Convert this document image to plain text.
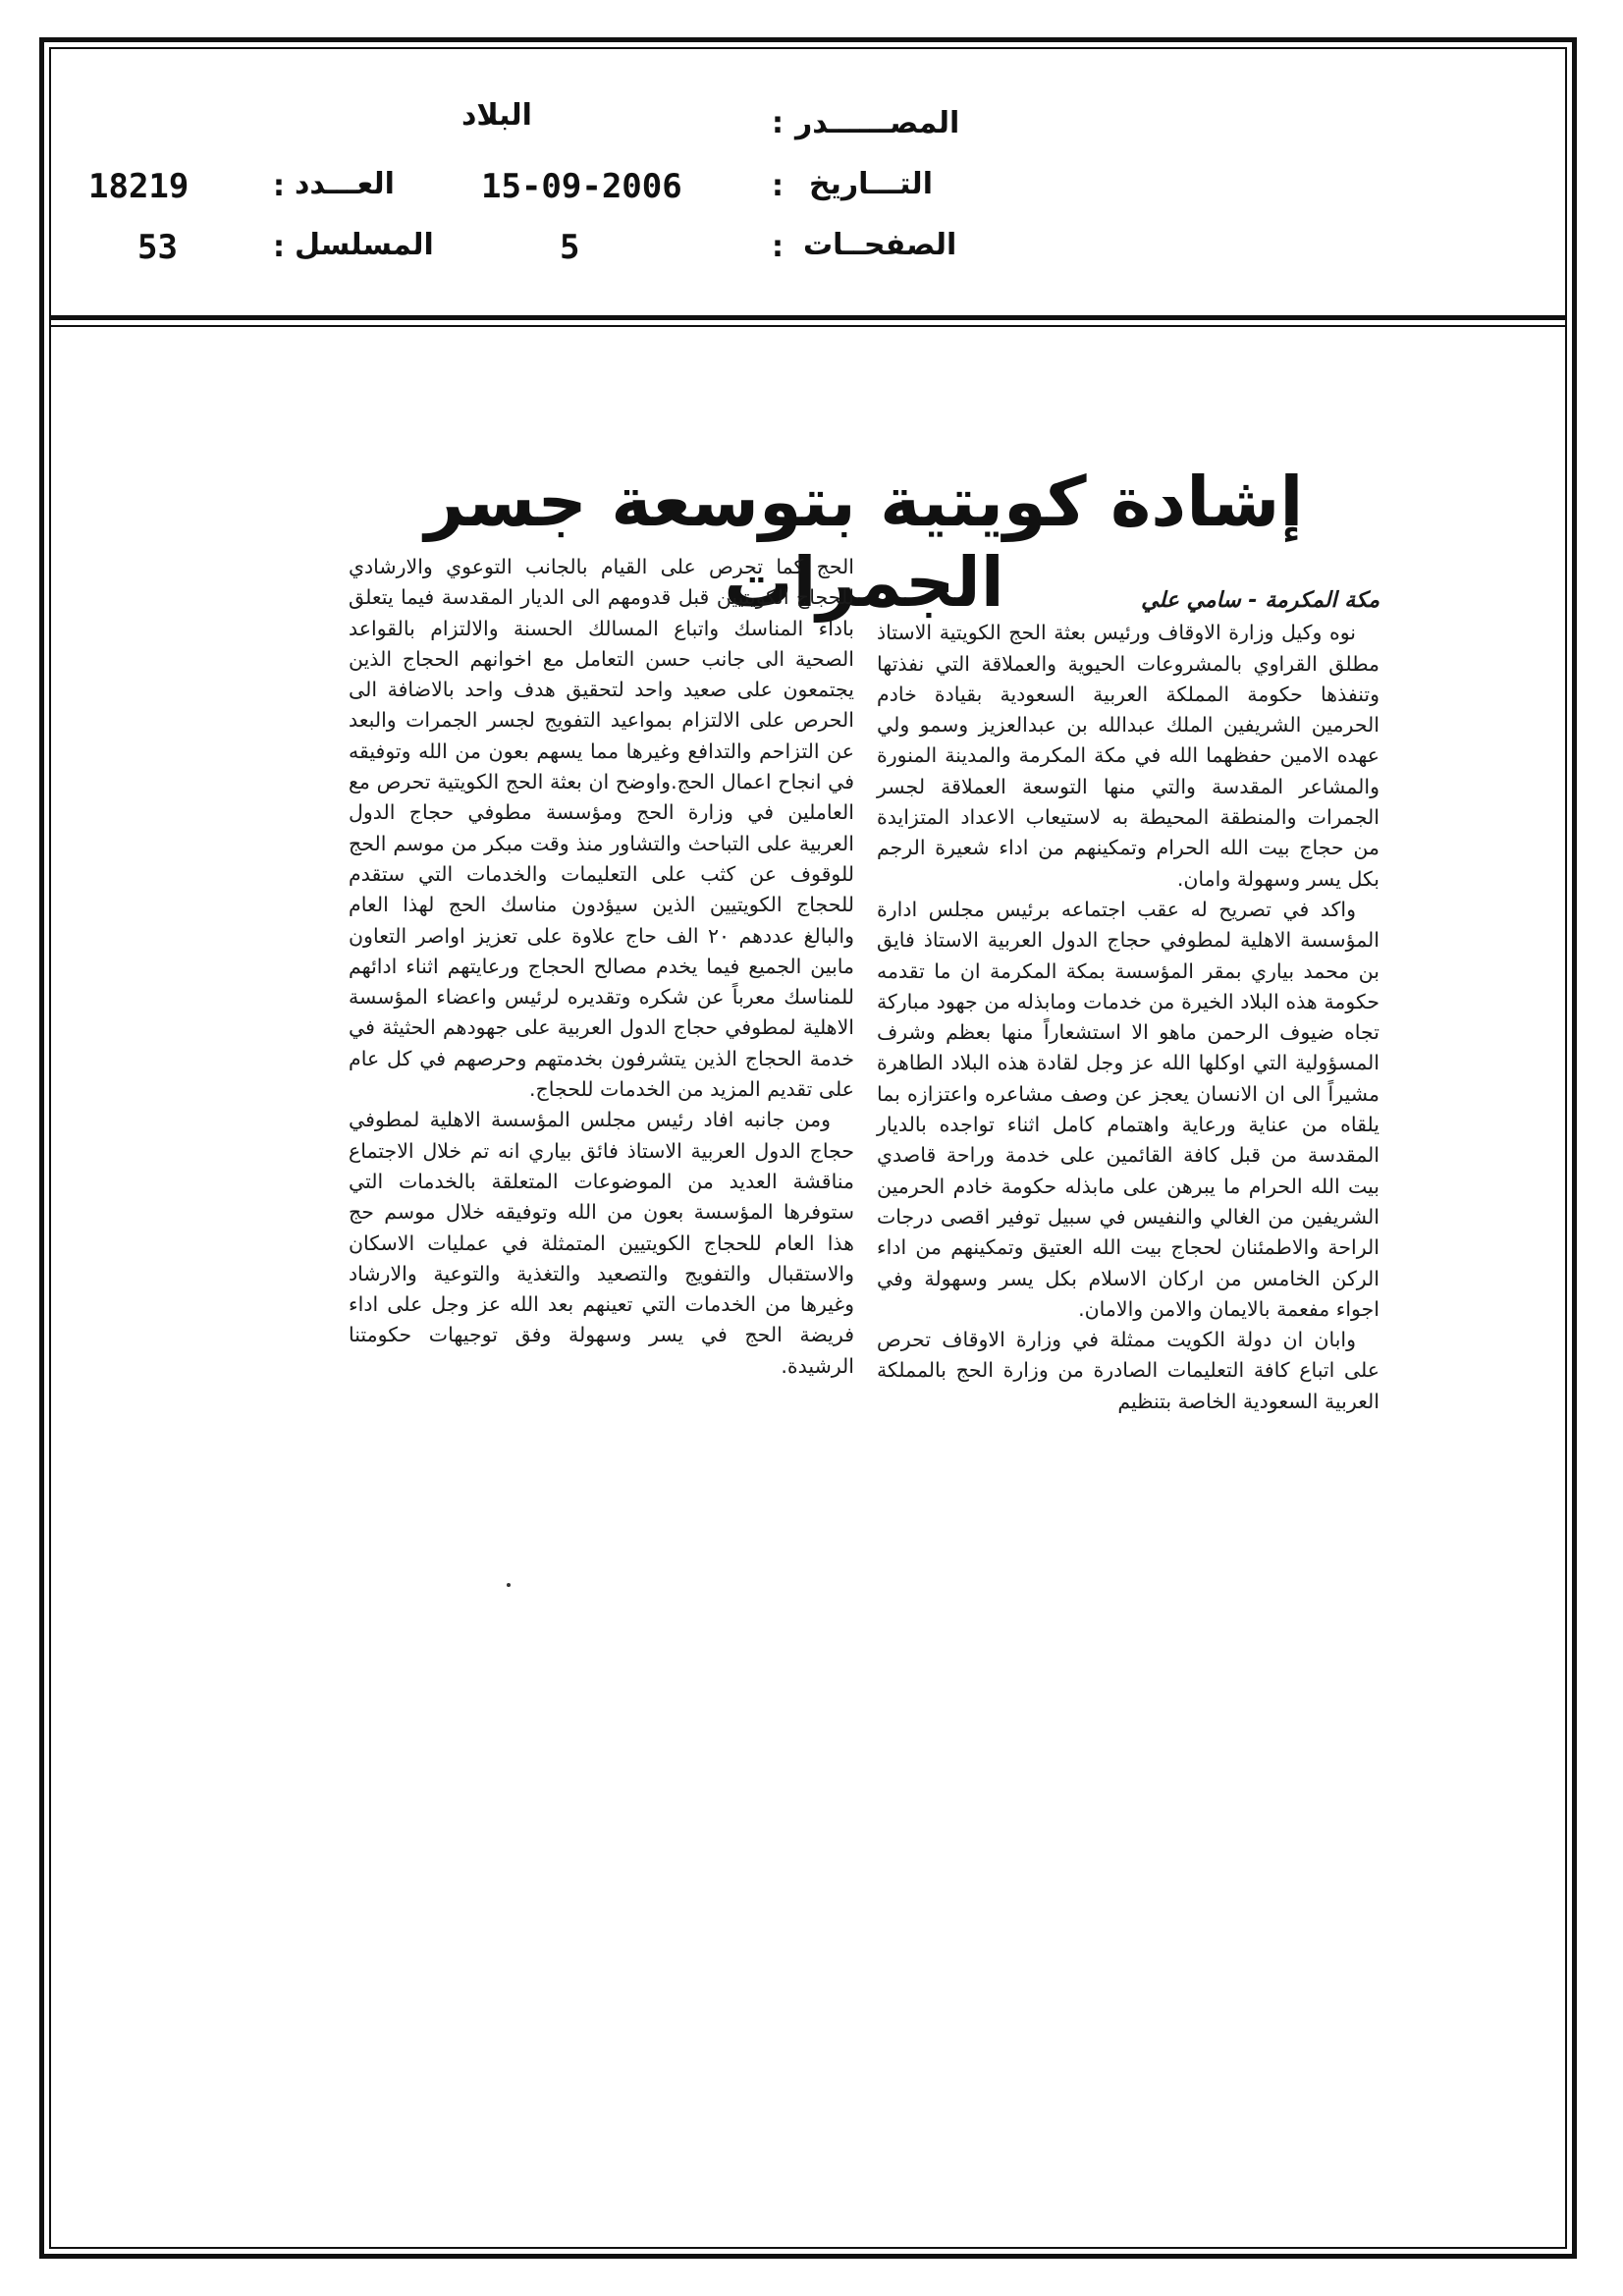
المصــــــدر
:
البلاد
التـــاريخ
:
15-09-2006
الصفحــات
:
5
العـــدد
:
18219
المسلسل
:
53
إشادة كويتية بتوسعة جسر الجمرات	مكة المكرمة - سامي علي

نوه وكيل وزارة الاوقاف ورئيس بعثة الحج الكويتية الاستاذ مطلق القراوي بالمشروعات الحيوية والعملاقة التي نفذتها وتنفذها حكومة المملكة العربية السعودية بقيادة خادم الحرمين الشريفين الملك عبدالله بن عبدالعزيز وسمو ولي عهده الامين حفظهما الله في مكة المكرمة والمدينة المنورة والمشاعر المقدسة والتي منها التوسعة العملاقة لجسر الجمرات والمنطقة المحيطة به لاستيعاب الاعداد المتزايدة من حجاج بيت الله الحرام وتمكينهم من اداء شعيرة الرجم بكل يسر وسهولة وامان.

واكد في تصريح له عقب اجتماعه برئيس مجلس ادارة المؤسسة الاهلية لمطوفي حجاج الدول العربية الاستاذ فايق بن محمد بياري بمقر المؤسسة بمكة المكرمة ان ما تقدمه حكومة هذه البلاد الخيرة من خدمات ومابذله من جهود مباركة تجاه ضيوف الرحمن ماهو الا استشعاراً منها بعظم وشرف المسؤولية التي اوكلها الله عز وجل لقادة هذه البلاد الطاهرة مشيراً الى ان الانسان يعجز عن وصف مشاعره واعتزازه بما يلقاه من عناية ورعاية واهتمام كامل اثناء تواجده بالديار المقدسة من قبل كافة القائمين على خدمة وراحة قاصدي بيت الله الحرام ما يبرهن على مابذله حكومة خادم الحرمين الشريفين من الغالي والنفيس في سبيل توفير اقصى درجات الراحة والاطمئنان لحجاج بيت الله العتيق وتمكينهم من اداء الركن الخامس من اركان الاسلام بكل يسر وسهولة وفي اجواء مفعمة بالايمان والامن والامان.

وابان ان دولة الكويت ممثلة في وزارة الاوقاف تحرص على اتباع كافة التعليمات الصادرة من وزارة الحج بالمملكة العربية السعودية الخاصة بتنظيم

الحج كما تحرص على القيام بالجانب التوعوي والارشادي للحجاج الكويتيين قبل قدومهم الى الديار المقدسة فيما يتعلق باداء المناسك واتباع المسالك الحسنة والالتزام بالقواعد الصحية الى جانب حسن التعامل مع اخوانهم الحجاج الذين يجتمعون على صعيد واحد لتحقيق هدف واحد بالاضافة الى الحرص على الالتزام بمواعيد التفويج لجسر الجمرات والبعد عن التزاحم والتدافع وغيرها مما يسهم بعون من الله وتوفيقه في انجاح اعمال الحج.واوضح ان بعثة الحج الكويتية تحرص مع العاملين في وزارة الحج ومؤسسة مطوفي حجاج الدول العربية على التباحث والتشاور منذ وقت مبكر من موسم الحج للوقوف عن كثب على التعليمات والخدمات التي ستقدم للحجاج الكويتيين الذين سيؤدون مناسك الحج لهذا العام والبالغ عددهم ٢٠ الف حاج علاوة على تعزيز اواصر التعاون مابين الجميع فيما يخدم مصالح الحجاج ورعايتهم اثناء ادائهم للمناسك معرباً عن شكره وتقديره لرئيس واعضاء المؤسسة الاهلية لمطوفي حجاج الدول العربية على جهودهم الحثيثة في خدمة الحجاج الذين يتشرفون بخدمتهم وحرصهم في كل عام على تقديم المزيد من الخدمات للحجاج.

ومن جانبه افاد رئيس مجلس المؤسسة الاهلية لمطوفي حجاج الدول العربية الاستاذ فائق بياري انه تم خلال الاجتماع مناقشة العديد من الموضوعات المتعلقة بالخدمات التي ستوفرها المؤسسة بعون من الله وتوفيقه خلال موسم حج هذا العام للحجاج الكويتيين المتمثلة في عمليات الاسكان والاستقبال والتفويج والتصعيد والتغذية والتوعية والارشاد وغيرها من الخدمات التي تعينهم بعد الله عز وجل على اداء فريضة الحج في يسر وسهولة وفق توجيهات حكومتنا الرشيدة.
